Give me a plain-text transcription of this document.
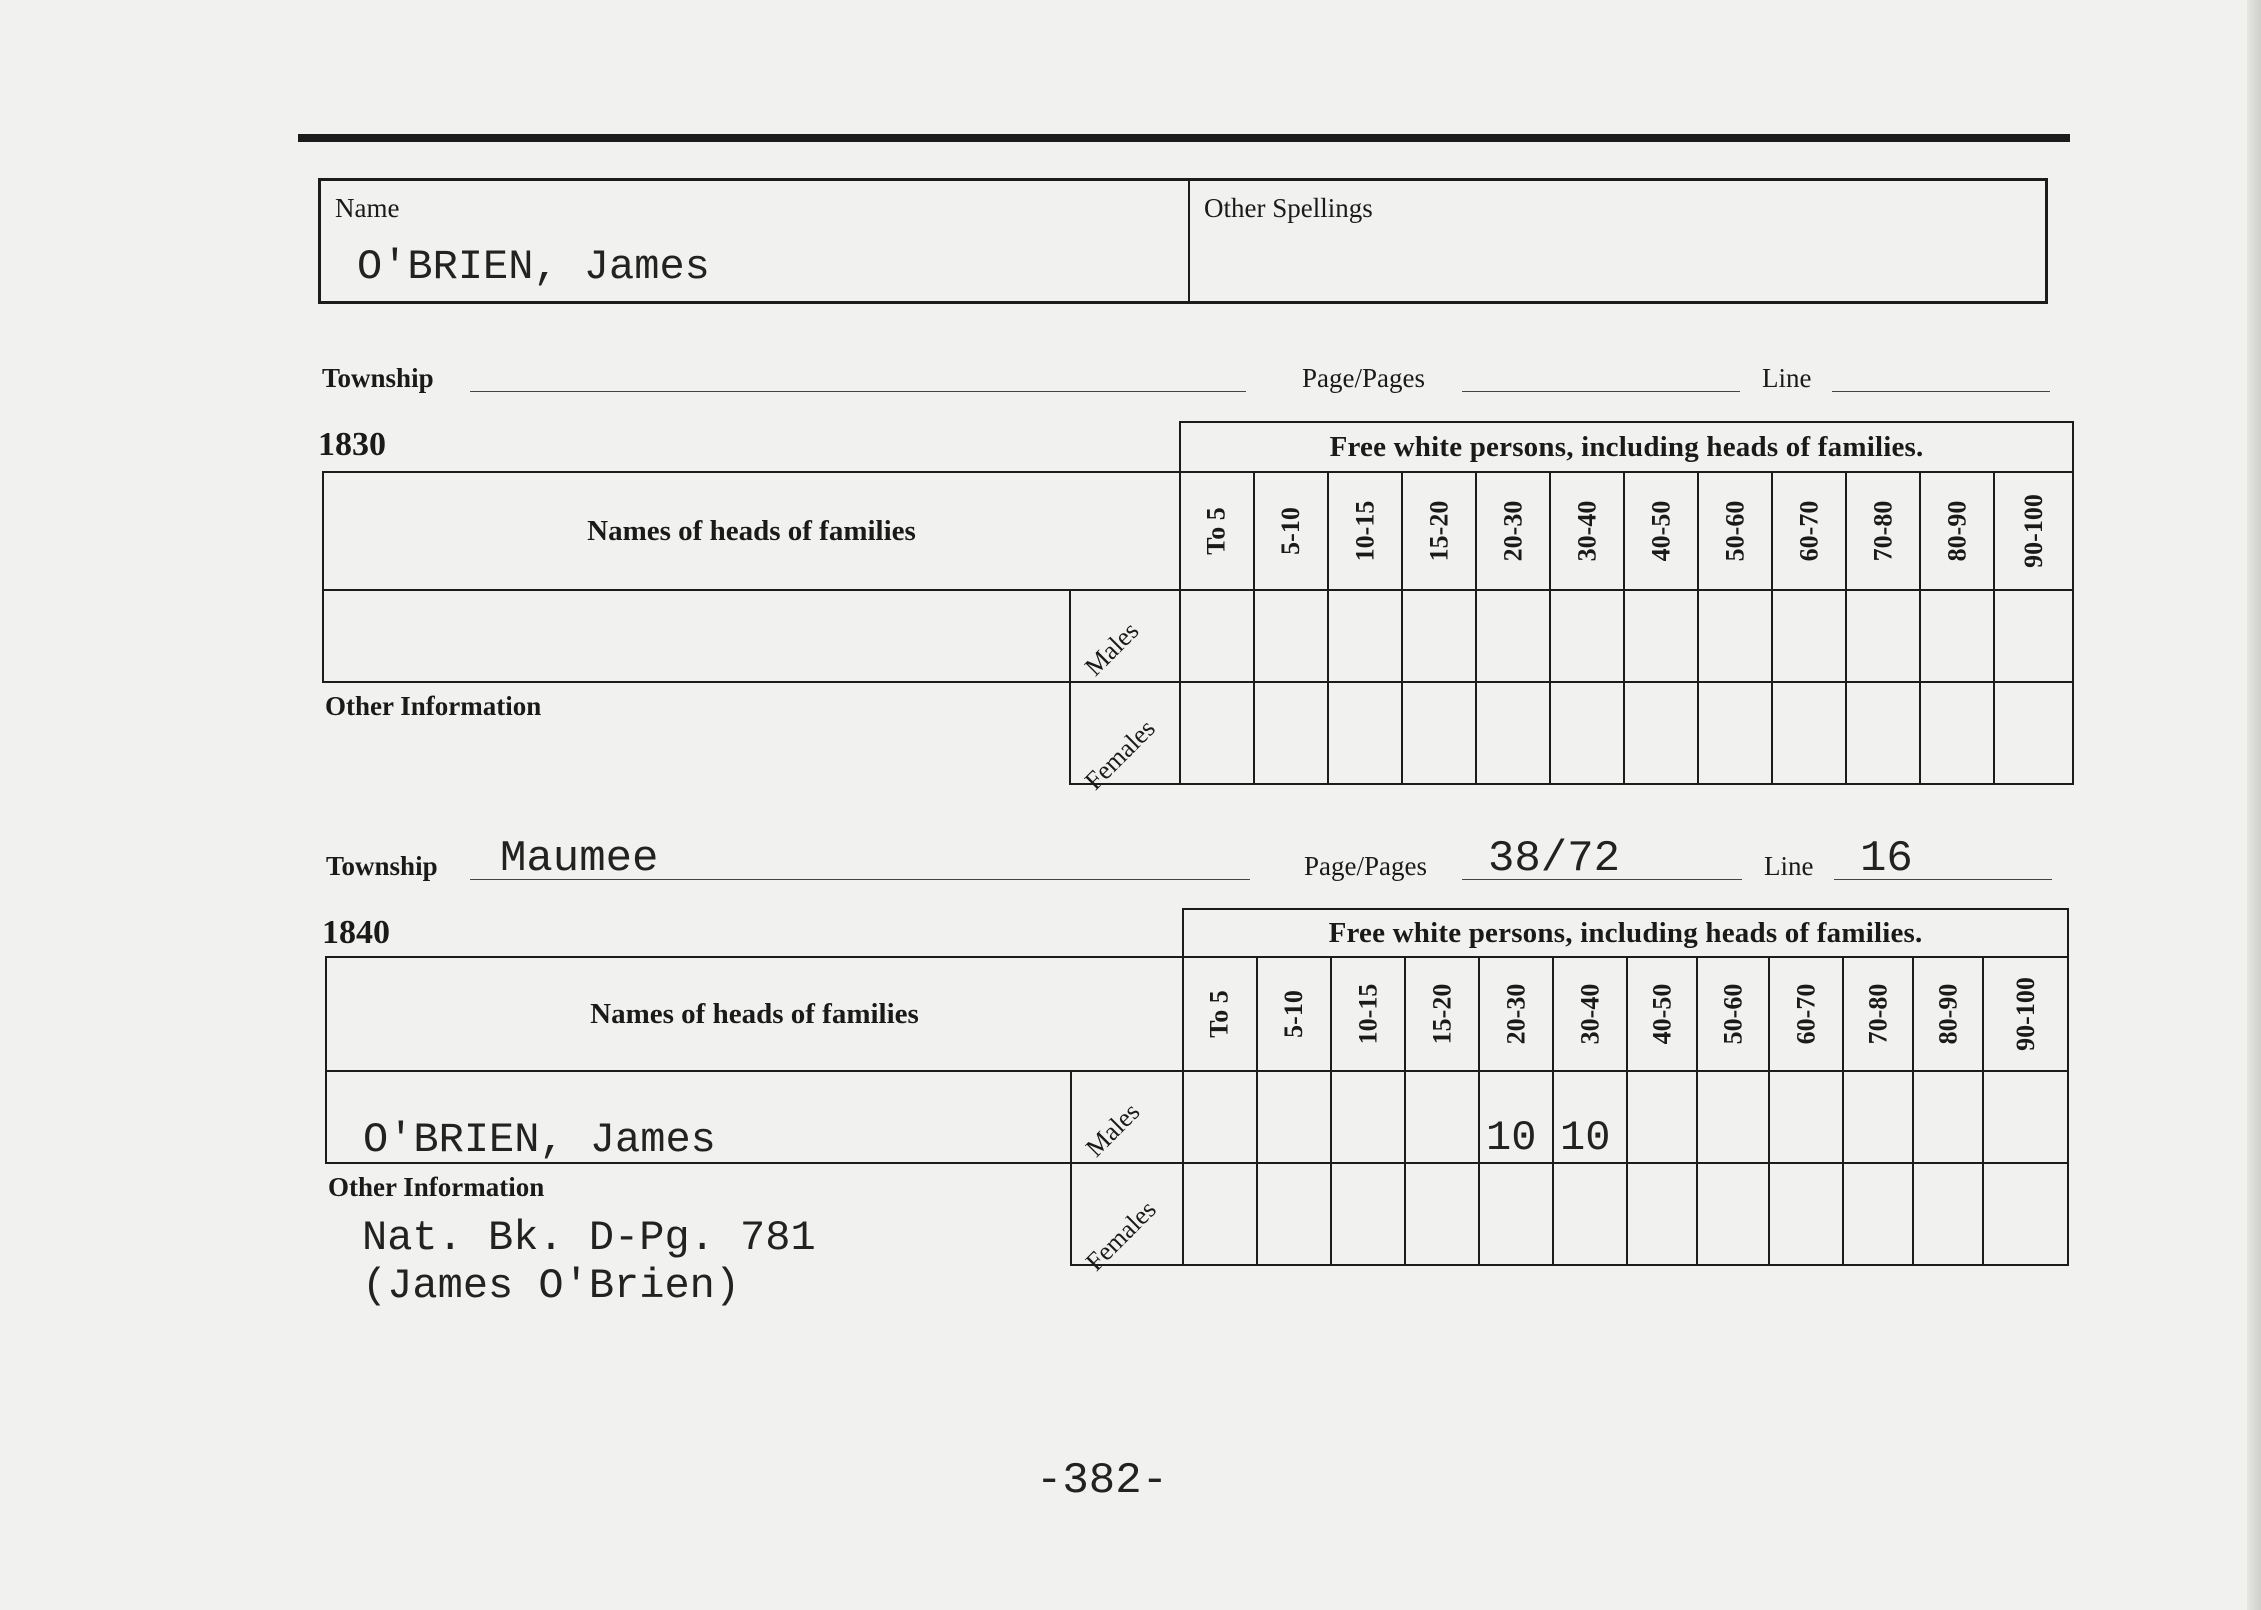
Name
O'BRIEN, James
Other Spellings
Township	Page/Pages	Line
1830
		Free white persons, including heads of families.											
Names of heads of families		To 5	5-10	10-15	15-20	20-30	30-40	40-50	50-60	60-70	70-80	80-90	90-100

	Males												

Other Information	Females												

Township Maumee	Page/Pages 38/72	Line 16
1840
		Free white persons, including heads of families.											
Names of heads of families		To 5	5-10	10-15	15-20	20-30	30-40	40-50	50-60	60-70	70-80	80-90	90-100

O'BRIEN, James	Males					10	10						

Other Information	Females												

Nat. Bk. D-Pg. 781
(James O'Brien)
-382-
